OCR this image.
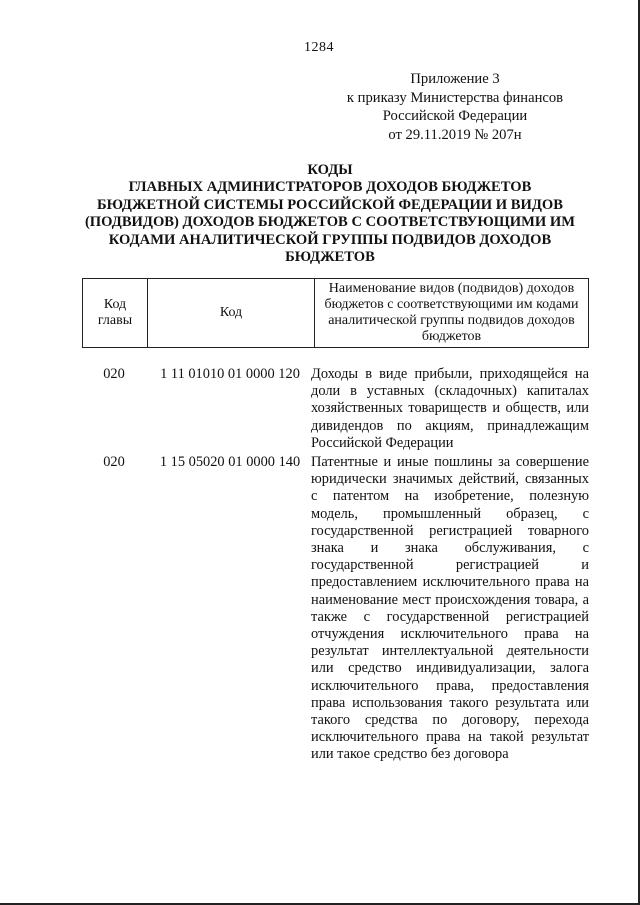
1284
Приложение 3
к приказу Министерства финансов
Российской Федерации
от 29.11.2019 № 207н
КОДЫ
ГЛАВНЫХ АДМИНИСТРАТОРОВ ДОХОДОВ БЮДЖЕТОВ
БЮДЖЕТНОЙ СИСТЕМЫ РОССИЙСКОЙ ФЕДЕРАЦИИ И ВИДОВ
(ПОДВИДОВ) ДОХОДОВ БЮДЖЕТОВ С СООТВЕТСТВУЮЩИМИ ИМ
КОДАМИ АНАЛИТИЧЕСКОЙ ГРУППЫ ПОДВИДОВ ДОХОДОВ
БЮДЖЕТОВ
Код главы	Код	Наименование видов (подвидов) доходов бюджетов с соответствующими им кодами аналитической группы подвидов доходов бюджетов
020	1 11 01010 01 0000 120 Доходы в виде прибыли, приходящейся на доли в уставных (складочных) капиталах хозяйственных товариществ и обществ, или дивидендов по акциям, принадлежащим Российской Федерации
020	1 15 05020 01 0000 140 Патентные и иные пошлины за совершение юридически значимых действий, связанных с патентом на изобретение, полезную модель, промышленный образец, с государственной регистрацией товарного знака и знака обслуживания, с государственной регистрацией и предоставлением исключительного права на наименование мест происхождения товара, а также с государственной регистрацией отчуждения исключительного права на результат интеллектуальной деятельности или средство индивидуализации, залога исключительного права, предоставления права использования такого результата или такого средства по договору, перехода исключительного права на такой результат или такое средство без договора
